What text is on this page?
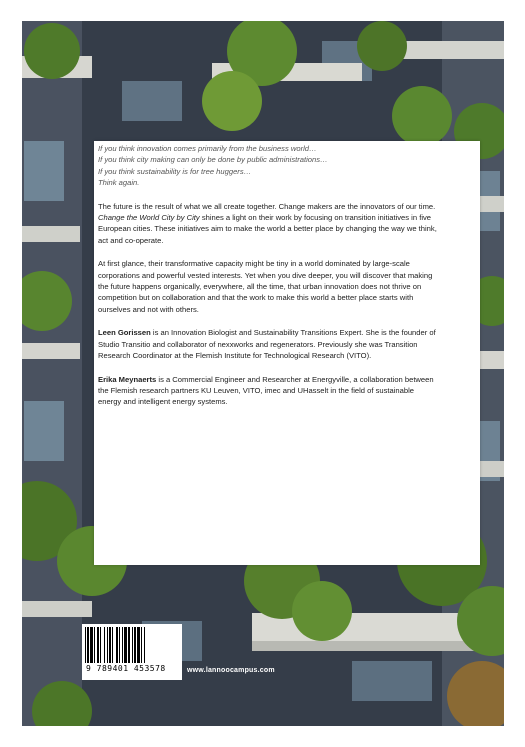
If you think innovation comes primarily from the business world…

If you think city making can only be done by public administrations…

If you think sustainability is for tree huggers…

Think again.

The future is the result of what we all create together. Change makers are the innovators of our time. Change the World City by City shines a light on their work by focusing on transition initiatives in five European cities. These initiatives aim to make the world a better place by changing the way we think, act and co-operate.

At first glance, their transformative capacity might be tiny in a world dominated by large-scale corporations and powerful vested interests. Yet when you dive deeper, you will discover that making the future happens organically, everywhere, all the time, that urban innovation does not thrive on competition but on collaboration and that the work to make this world a better place starts with ourselves and not with others.

Leen Gorissen is an Innovation Biologist and Sustainability Transitions Expert. She is the founder of Studio Transitio and collaborator of nexxworks and regenerators. Previously she was Transition Research Coordinator at the Flemish Institute for Technological Research (VITO).

Erika Meynaerts is a Commercial Engineer and Researcher at Energyville, a collaboration between the Flemish research partners KU Leuven, VITO, imec and UHasselt in the field of sustainable energy and intelligent energy systems.

9 789401 453578	www.lannoocampus.com
